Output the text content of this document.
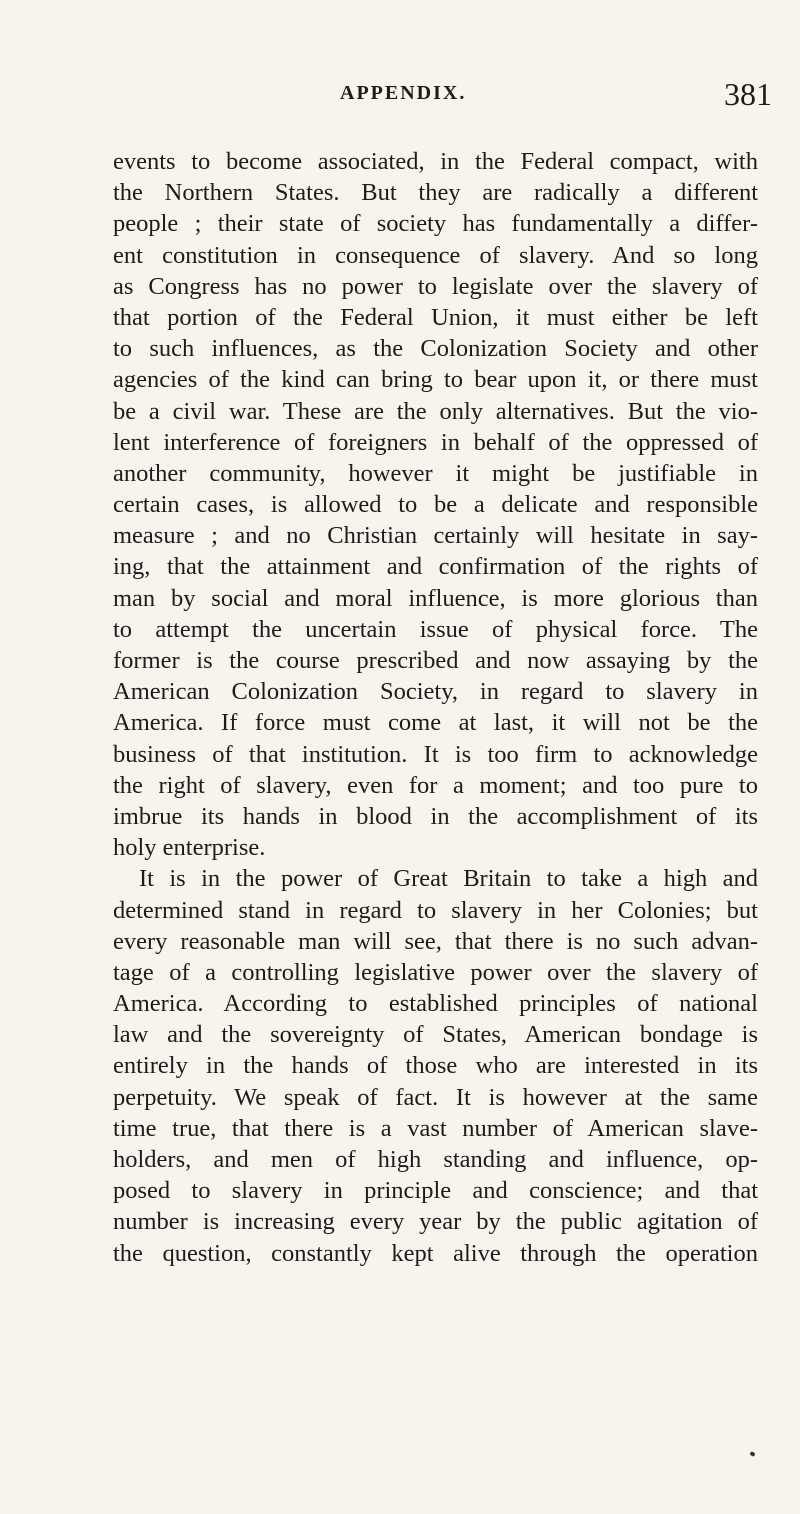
APPENDIX.	381
events to become associated, in the Federal compact, with
the Northern States. But they are radically a different
people ; their state of society has fundamentally a differ-
ent constitution in consequence of slavery. And so long
as Congress has no power to legislate over the slavery of
that portion of the Federal Union, it must either be left
to such influences, as the Colonization Society and other
agencies of the kind can bring to bear upon it, or there must
be a civil war. These are the only alternatives. But the vio-
lent interference of foreigners in behalf of the oppressed of
another community, however it might be justifiable in
certain cases, is allowed to be a delicate and responsible
measure ; and no Christian certainly will hesitate in say-
ing, that the attainment and confirmation of the rights of
man by social and moral influence, is more glorious than
to attempt the uncertain issue of physical force. The
former is the course prescribed and now assaying by the
American Colonization Society, in regard to slavery in
America. If force must come at last, it will not be the
business of that institution. It is too firm to acknowledge
the right of slavery, even for a moment; and too pure to
imbrue its hands in blood in the accomplishment of its
holy enterprise.
It is in the power of Great Britain to take a high and
determined stand in regard to slavery in her Colonies; but
every reasonable man will see, that there is no such advan-
tage of a controlling legislative power over the slavery of
America. According to established principles of national
law and the sovereignty of States, American bondage is
entirely in the hands of those who are interested in its
perpetuity. We speak of fact. It is however at the same
time true, that there is a vast number of American slave-
holders, and men of high standing and influence, op-
posed to slavery in principle and conscience; and that
number is increasing every year by the public agitation of
the question, constantly kept alive through the operation
